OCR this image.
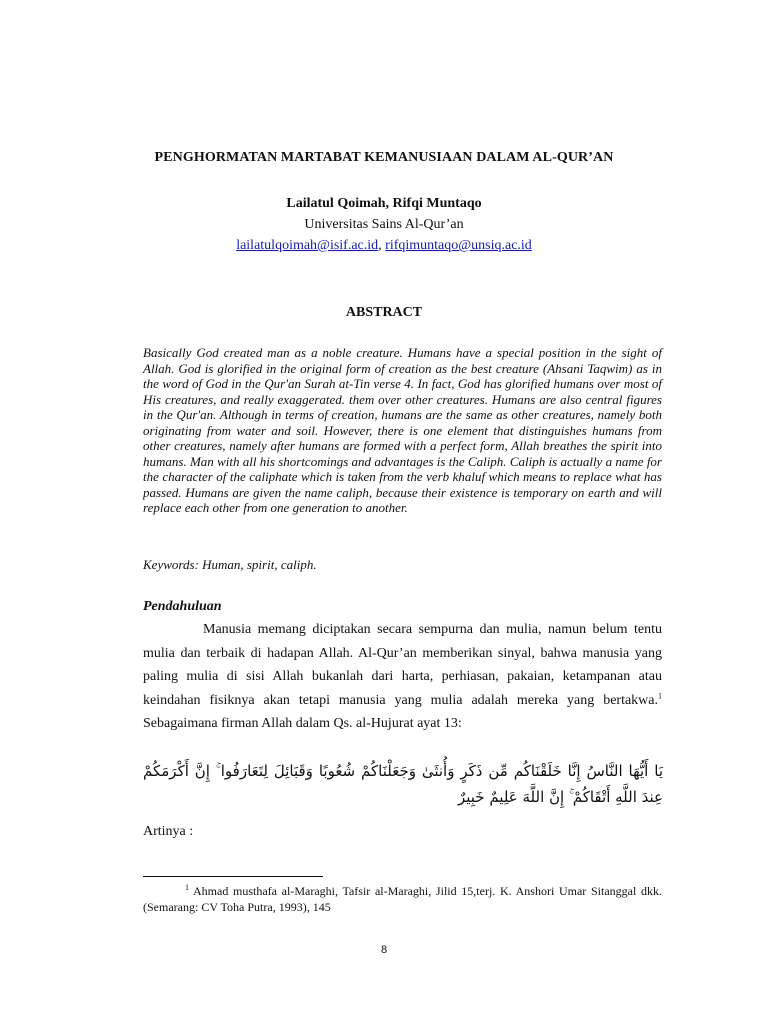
PENGHORMATAN MARTABAT KEMANUSIAAN DALAM AL-QUR’AN
Lailatul Qoimah, Rifqi Muntaqo
Universitas Sains Al-Qur’an
lailatulqoimah@isif.ac.id, rifqimuntaqo@unsiq.ac.id
ABSTRACT

Basically God created man as a noble creature. Humans have a special position in the sight of Allah. God is glorified in the original form of creation as the best creature (Ahsani Taqwim) as in the word of God in the Qur'an Surah at-Tin verse 4. In fact, God has glorified humans over most of His creatures, and really exaggerated. them over other creatures. Humans are also central figures in the Qur'an. Although in terms of creation, humans are the same as other creatures, namely both originating from water and soil. However, there is one element that distinguishes humans from other creatures, namely after humans are formed with a perfect form, Allah breathes the spirit into humans. Man with all his shortcomings and advantages is the Caliph. Caliph is actually a name for the character of the caliphate which is taken from the verb khaluf which means to replace what has passed. Humans are given the name caliph, because their existence is temporary on earth and will replace each other from one generation to another.

Keywords: Human, spirit, caliph.

Pendahuluan

Manusia memang diciptakan secara sempurna dan mulia, namun belum tentu mulia dan terbaik di hadapan Allah. Al-Qur’an memberikan sinyal, bahwa manusia yang paling mulia di sisi Allah bukanlah dari harta, perhiasan, pakaian, ketampanan atau keindahan fisiknya akan tetapi manusia yang mulia adalah mereka yang bertakwa.$^1$ Sebagaimana firman Allah dalam Qs. al-Hujurat ayat 13:

يَا أَيُّهَا النَّاسُ إِنَّا خَلَقْنَاكُم مِّن ذَكَرٍ وَأُنثَىٰ وَجَعَلْنَاكُمْ شُعُوبًا وَقَبَائِلَ لِتَعَارَفُوا ۚ إِنَّ أَكْرَمَكُمْ عِندَ اللَّهِ أَتْقَاكُمْ ۚ إِنَّ اللَّهَ عَلِيمٌ خَبِيرٌ

Artinya :

$^1$ Ahmad musthafa al-Maraghi, Tafsir al-Maraghi, Jilid 15,terj. K. Anshori Umar Sitanggal dkk. (Semarang: CV Toha Putra, 1993), 145

8
